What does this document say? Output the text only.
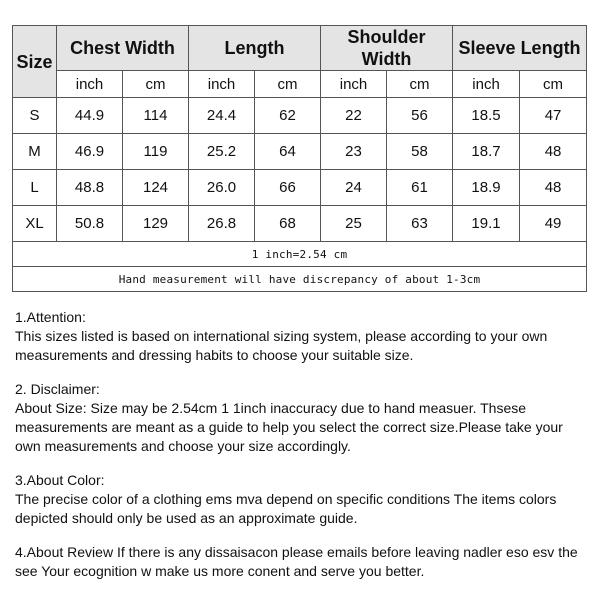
Size	Chest Width		Length		Shoulder Width		Sleeve Length	
	inch	cm	inch	cm	inch	cm	inch	cm
S	44.9	114	24.4	62	22	56	18.5	47
M	46.9	119	25.2	64	23	58	18.7	48
L	48.8	124	26.0	66	24	61	18.9	48
XL	50.8	129	26.8	68	25	63	19.1	49
1 inch=2.54 cm								
Hand measurement will have discrepancy of about 1-3cm								

1.Attention:

This sizes listed is based on international sizing system, please according to your own measurements and dressing habits to choose your suitable size.

2. Disclaimer:

About Size: Size may be 2.54cm 1 1inch inaccuracy due to hand measuer. Thsese measurements are meant as a guide to help you select the correct size.Please take your own measurements and choose your size accordingly.

3.About Color:

The precise color of a clothing ems mva depend on specific conditions The items colors depicted should only be used as an approximate guide.

4.About Review If there is any dissaisacon please emails before leaving nadler eso esv the see Your ecognition w make us more conent and serve you better.
